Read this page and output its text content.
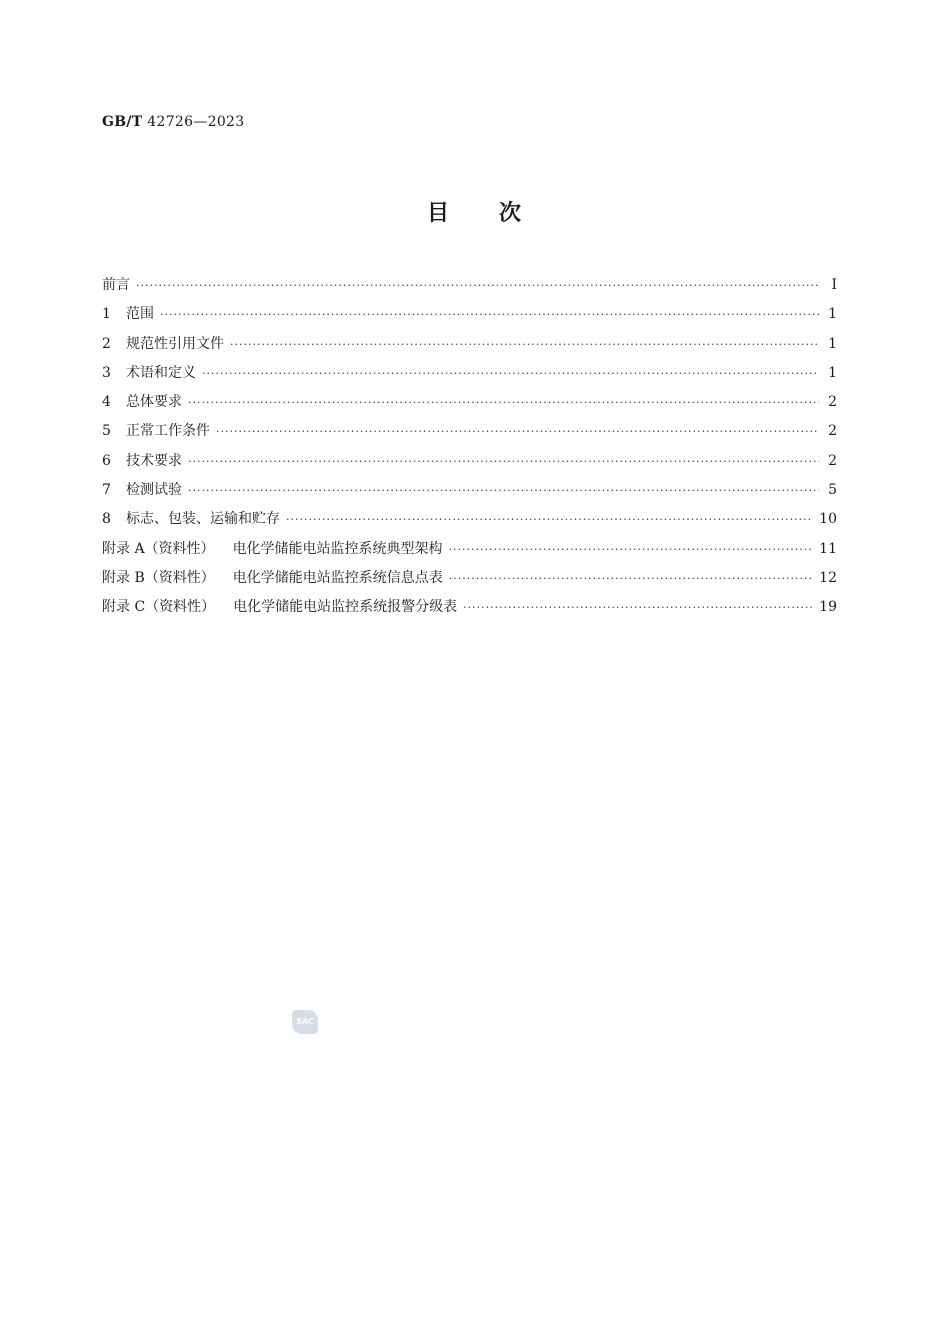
GB/T 42726—2023
目 次
前言 ·····	Ⅰ
1	范围 ·····	1
2	规范性引用文件 ·····	1
3	术语和定义 ·····	1
4	总体要求 ·····	2
5	正常工作条件 ·····	2
6	技术要求 ·····	2
7	检测试验 ·····	5
8	标志、包装、运输和贮存 ·····	10
附录 A（资料性） 电化学储能电站监控系统典型架构 ·····	11
附录 B（资料性） 电化学储能电站监控系统信息点表 ·····	12
附录 C（资料性） 电化学储能电站监控系统报警分级表 ·····	19
SAC
